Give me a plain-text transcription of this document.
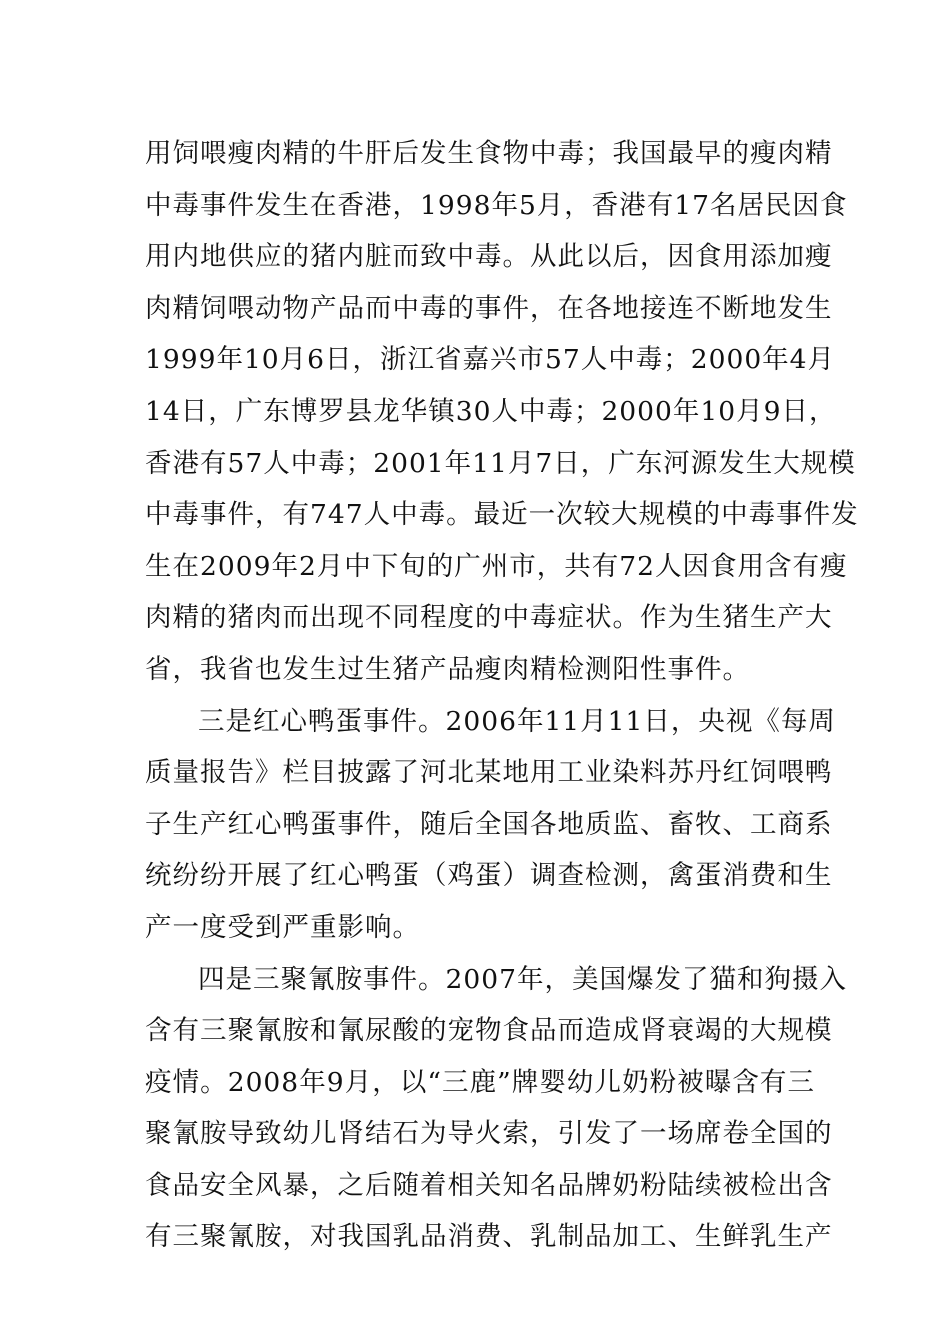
用饲喂瘦肉精的牛肝后发生食物中毒；我国最早的瘦肉精
中毒事件发生在香港，1998年5月，香港有17名居民因食
用内地供应的猪内脏而致中毒。从此以后，因食用添加瘦
肉精饲喂动物产品而中毒的事件，在各地接连不断地发生
1999年10月6日，浙江省嘉兴市57人中毒；2000年4月
14日，广东博罗县龙华镇30人中毒；2000年10月9日，
香港有57人中毒；2001年11月7日，广东河源发生大规模
中毒事件，有747人中毒。最近一次较大规模的中毒事件发
生在2009年2月中下旬的广州市，共有72人因食用含有瘦
肉精的猪肉而出现不同程度的中毒症状。作为生猪生产大
省，我省也发生过生猪产品瘦肉精检测阳性事件。
三是红心鸭蛋事件。2006年11月11日，央视《每周
质量报告》栏目披露了河北某地用工业染料苏丹红饲喂鸭
子生产红心鸭蛋事件，随后全国各地质监、畜牧、工商系
统纷纷开展了红心鸭蛋（鸡蛋）调查检测，禽蛋消费和生
产一度受到严重影响。
四是三聚氰胺事件。2007年，美国爆发了猫和狗摄入
含有三聚氰胺和氰尿酸的宠物食品而造成肾衰竭的大规模
疫情。2008年9月，以“三鹿”牌婴幼儿奶粉被曝含有三
聚氰胺导致幼儿肾结石为导火索，引发了一场席卷全国的
食品安全风暴，之后随着相关知名品牌奶粉陆续被检出含
有三聚氰胺，对我国乳品消费、乳制品加工、生鲜乳生产
